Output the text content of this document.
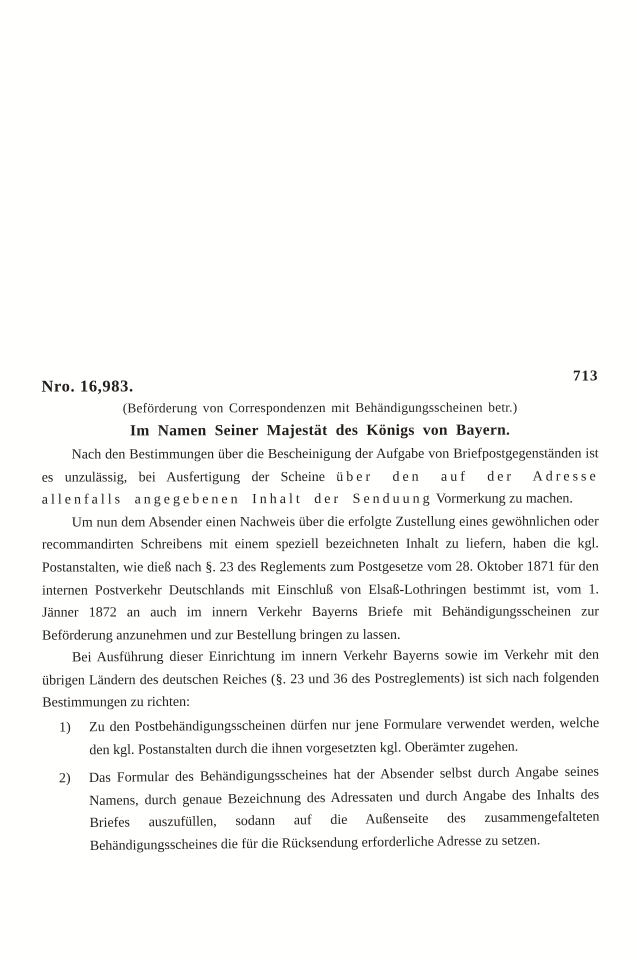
Nro. 16,983.	713
(Beförderung von Correspondenzen mit Behändigungsscheinen betr.)
Im Namen Seiner Majestät des Königs von Bayern.
Nach den Bestimmungen über die Bescheinigung der Aufgabe von Briefpostgegenständen ist es unzulässig, bei Ausfertigung der Scheine über den auf der Adresse allenfalls angegebenen Inhalt der Senduung Vormerkung zu machen.
Um nun dem Absender einen Nachweis über die erfolgte Zustellung eines gewöhnlichen oder recommandirten Schreibens mit einem speziell bezeichneten Inhalt zu liefern, haben die kgl. Postanstalten, wie dieß nach §. 23 des Reglements zum Postgesetze vom 28. Oktober 1871 für den internen Postverkehr Deutschlands mit Einschluß von Elsaß-Lothringen bestimmt ist, vom 1. Jänner 1872 an auch im innern Verkehr Bayerns Briefe mit Behändigungsscheinen zur Beförderung anzunehmen und zur Bestellung bringen zu lassen.
Bei Ausführung dieser Einrichtung im innern Verkehr Bayerns sowie im Verkehr mit den übrigen Ländern des deutschen Reiches (§. 23 und 36 des Postreglements) ist sich nach folgenden Bestimmungen zu richten:
1) Zu den Postbehändigungsscheinen dürfen nur jene Formulare verwendet werden, welche den kgl. Postanstalten durch die ihnen vorgesetzten kgl. Oberämter zugehen.
2) Das Formular des Behändigungsscheines hat der Absender selbst durch Angabe seines Namens, durch genaue Bezeichnung des Adressaten und durch Angabe des Inhalts des Briefes auszufüllen, sodann auf die Außenseite des zusammengefalteten Behändigungsscheines die für die Rücksendung erforderliche Adresse zu setzen.
